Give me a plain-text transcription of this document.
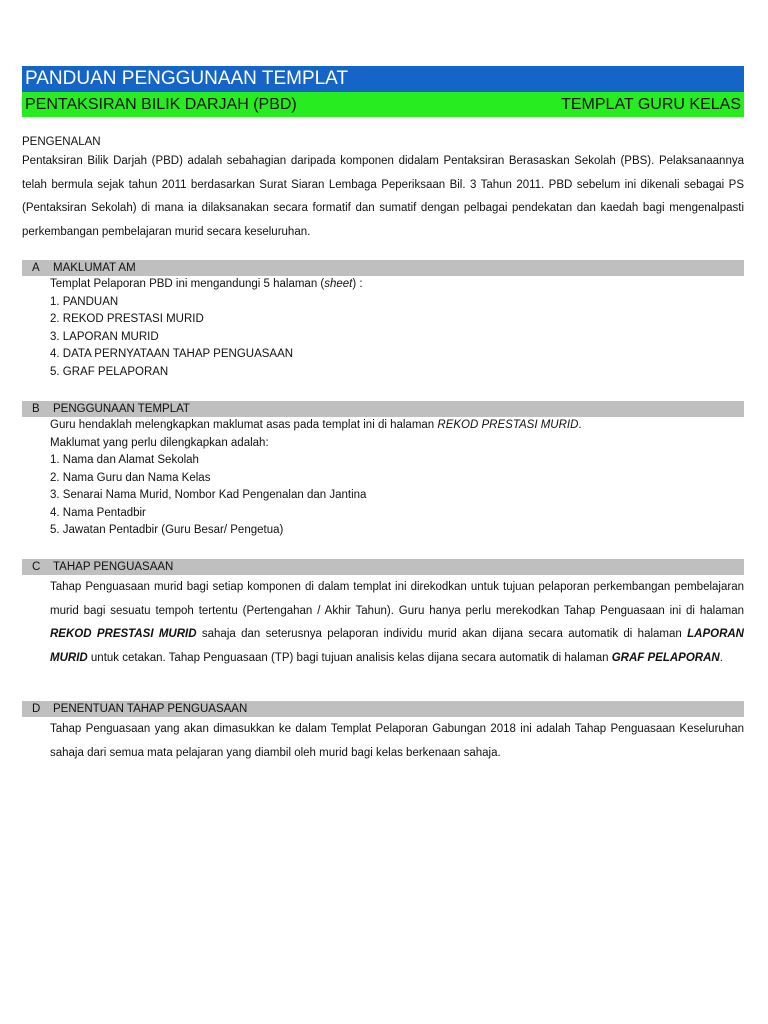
PANDUAN PENGGUNAAN TEMPLAT
PENTAKSIRAN BILIK DARJAH (PBD)	TEMPLAT GURU KELAS
PENGENALAN

Pentaksiran Bilik Darjah (PBD) adalah sebahagian daripada komponen didalam Pentaksiran Berasaskan Sekolah (PBS). Pelaksanaannya telah bermula sejak tahun 2011 berdasarkan Surat Siaran Lembaga Peperiksaan Bil. 3 Tahun 2011. PBD sebelum ini dikenali sebagai PS (Pentaksiran Sekolah) di mana ia dilaksanakan secara formatif dan sumatif dengan pelbagai pendekatan dan kaedah bagi mengenalpasti perkembangan pembelajaran murid secara keseluruhan.

A MAKLUMAT AM
Templat Pelaporan PBD ini mengandungi 5 halaman (sheet) :
1. PANDUAN
2. REKOD PRESTASI MURID
3. LAPORAN MURID
4. DATA PERNYATAAN TAHAP PENGUASAAN
5. GRAF PELAPORAN
B PENGGUNAAN TEMPLAT
Guru hendaklah melengkapkan maklumat asas pada templat ini di halaman REKOD PRESTASI MURID.
Maklumat yang perlu dilengkapkan adalah:
1. Nama dan Alamat Sekolah
2. Nama Guru dan Nama Kelas
3. Senarai Nama Murid, Nombor Kad Pengenalan dan Jantina
4. Nama Pentadbir
5. Jawatan Pentadbir (Guru Besar/ Pengetua)
C TAHAP PENGUASAAN

Tahap Penguasaan murid bagi setiap komponen di dalam templat ini direkodkan untuk tujuan pelaporan perkembangan pembelajaran murid bagi sesuatu tempoh tertentu (Pertengahan / Akhir Tahun). Guru hanya perlu merekodkan Tahap Penguasaan ini di halaman REKOD PRESTASI MURID sahaja dan seterusnya pelaporan individu murid akan dijana secara automatik di halaman LAPORAN MURID untuk cetakan. Tahap Penguasaan (TP) bagi tujuan analisis kelas dijana secara automatik di halaman GRAF PELAPORAN.

D PENENTUAN TAHAP PENGUASAAN

Tahap Penguasaan yang akan dimasukkan ke dalam Templat Pelaporan Gabungan 2018 ini adalah Tahap Penguasaan Keseluruhan sahaja dari semua mata pelajaran yang diambil oleh murid bagi kelas berkenaan sahaja.
